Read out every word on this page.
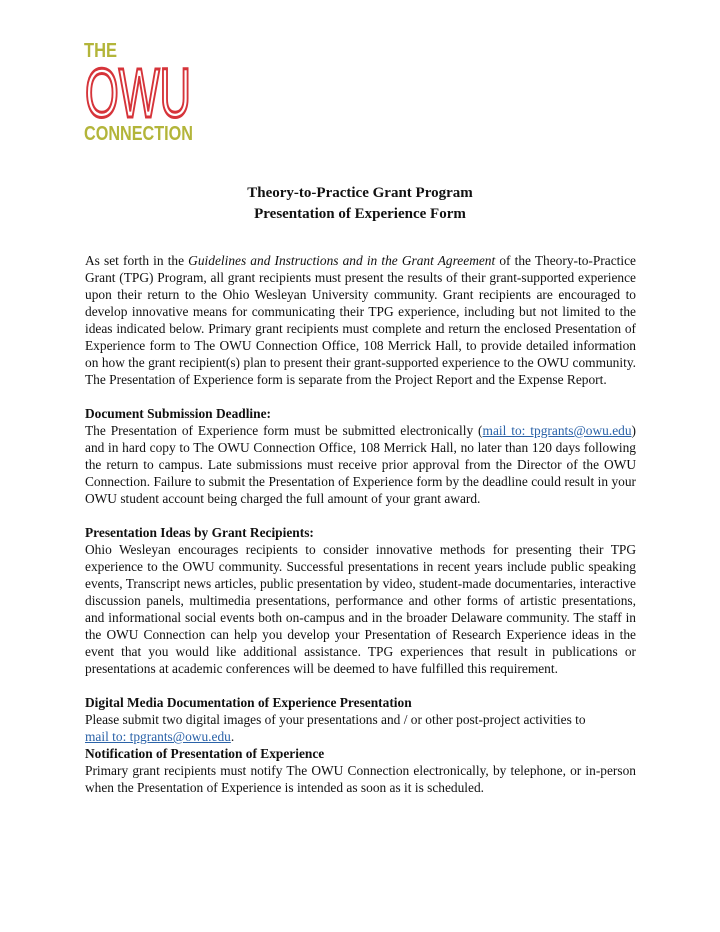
THE
OWU
CONNECTION
Theory-to-Practice Grant Program
Presentation of Experience Form

As set forth in the Guidelines and Instructions and in the Grant Agreement of the Theory-to-Practice Grant (TPG) Program, all grant recipients must present the results of their grant-supported experience upon their return to the Ohio Wesleyan University community. Grant recipients are encouraged to develop innovative means for communicating their TPG experience, including but not limited to the ideas indicated below. Primary grant recipients must complete and return the enclosed Presentation of Experience form to The OWU Connection Office, 108 Merrick Hall, to provide detailed information on how the grant recipient(s) plan to present their grant-supported experience to the OWU community. The Presentation of Experience form is separate from the Project Report and the Expense Report.

Document Submission Deadline:

The Presentation of Experience form must be submitted electronically (mail to: tpgrants@owu.edu) and in hard copy to The OWU Connection Office, 108 Merrick Hall, no later than 120 days following the return to campus. Late submissions must receive prior approval from the Director of the OWU Connection. Failure to submit the Presentation of Experience form by the deadline could result in your OWU student account being charged the full amount of your grant award.

Presentation Ideas by Grant Recipients:

Ohio Wesleyan encourages recipients to consider innovative methods for presenting their TPG experience to the OWU community. Successful presentations in recent years include public speaking events, Transcript news articles, public presentation by video, student-made documentaries, interactive discussion panels, multimedia presentations, performance and other forms of artistic presentations, and informational social events both on-campus and in the broader Delaware community. The staff in the OWU Connection can help you develop your Presentation of Research Experience ideas in the event that you would like additional assistance. TPG experiences that result in publications or presentations at academic conferences will be deemed to have fulfilled this requirement.

Digital Media Documentation of Experience Presentation

Please submit two digital images of your presentations and / or other post-project activities to

mail to: tpgrants@owu.edu.

Notification of Presentation of Experience

Primary grant recipients must notify The OWU Connection electronically, by telephone, or in-person when the Presentation of Experience is intended as soon as it is scheduled.
